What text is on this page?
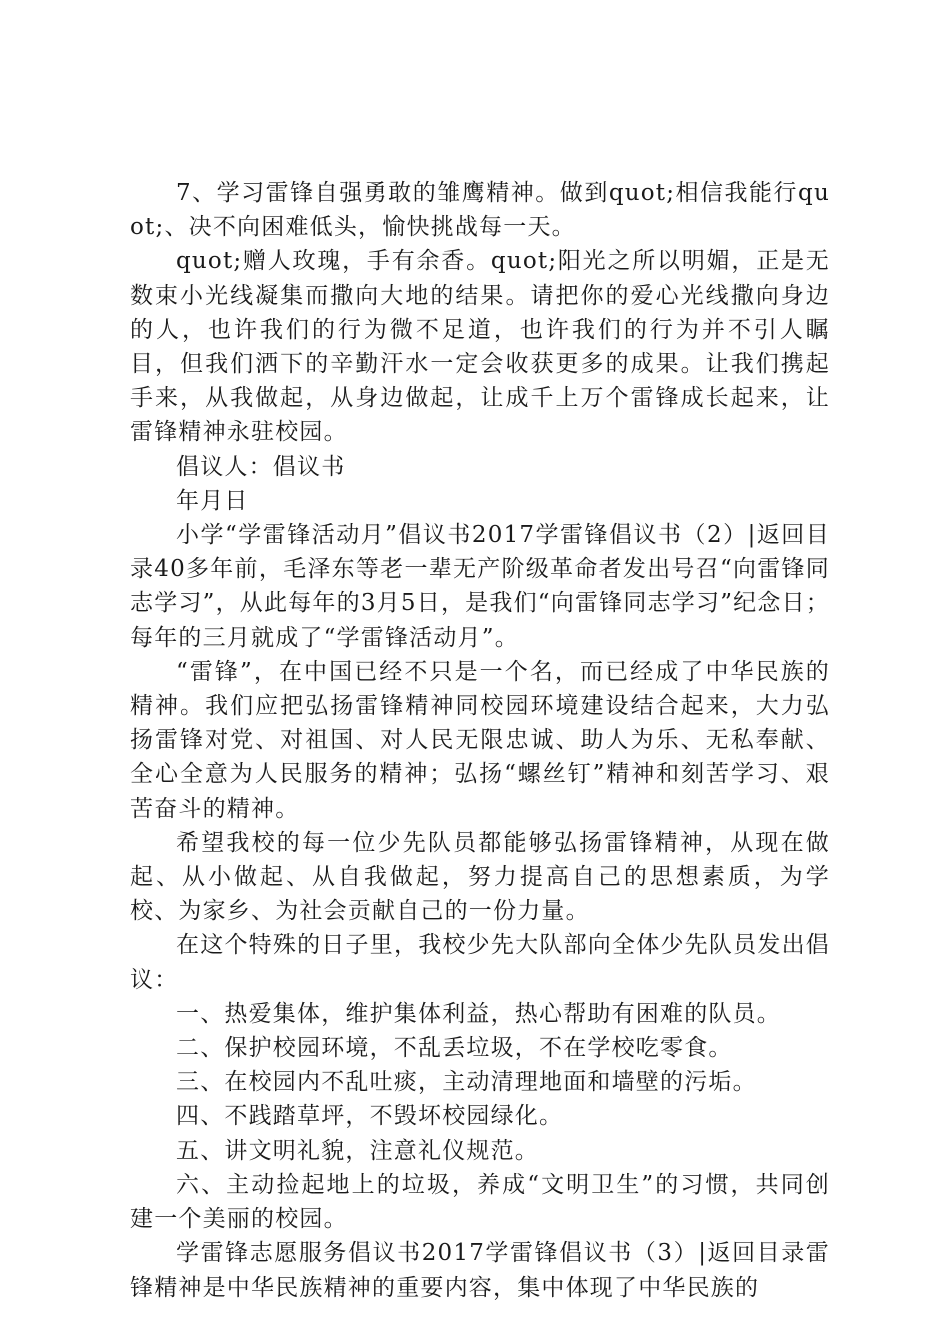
7、学习雷锋自强勇敢的雏鹰精神。做到quot;相信我能行quot;、决不向困难低头，愉快挑战每一天。

quot;赠人玫瑰，手有余香。quot;阳光之所以明媚，正是无数束小光线凝集而撒向大地的结果。请把你的爱心光线撒向身边的人，也许我们的行为微不足道，也许我们的行为并不引人瞩目，但我们洒下的辛勤汗水一定会收获更多的成果。让我们携起手来，从我做起，从身边做起，让成千上万个雷锋成长起来，让雷锋精神永驻校园。

倡议人：倡议书

年月日

小学“学雷锋活动月”倡议书2017学雷锋倡议书（2）|返回目录40多年前，毛泽东等老一辈无产阶级革命者发出号召“向雷锋同志学习”，从此每年的3月5日，是我们“向雷锋同志学习”纪念日；每年的三月就成了“学雷锋活动月”。

“雷锋”，在中国已经不只是一个名，而已经成了中华民族的精神。我们应把弘扬雷锋精神同校园环境建设结合起来，大力弘扬雷锋对党、对祖国、对人民无限忠诚、助人为乐、无私奉献、全心全意为人民服务的精神；弘扬“螺丝钉”精神和刻苦学习、艰苦奋斗的精神。

希望我校的每一位少先队员都能够弘扬雷锋精神，从现在做起、从小做起、从自我做起，努力提高自己的思想素质，为学校、为家乡、为社会贡献自己的一份力量。

在这个特殊的日子里，我校少先大队部向全体少先队员发出倡议：

一、热爱集体，维护集体利益，热心帮助有困难的队员。

二、保护校园环境，不乱丢垃圾，不在学校吃零食。

三、在校园内不乱吐痰，主动清理地面和墙壁的污垢。

四、不践踏草坪，不毁坏校园绿化。

五、讲文明礼貌，注意礼仪规范。

六、主动捡起地上的垃圾，养成“文明卫生”的习惯，共同创建一个美丽的校园。

学雷锋志愿服务倡议书2017学雷锋倡议书（3）|返回目录雷锋精神是中华民族精神的重要内容，集中体现了中华民族的
